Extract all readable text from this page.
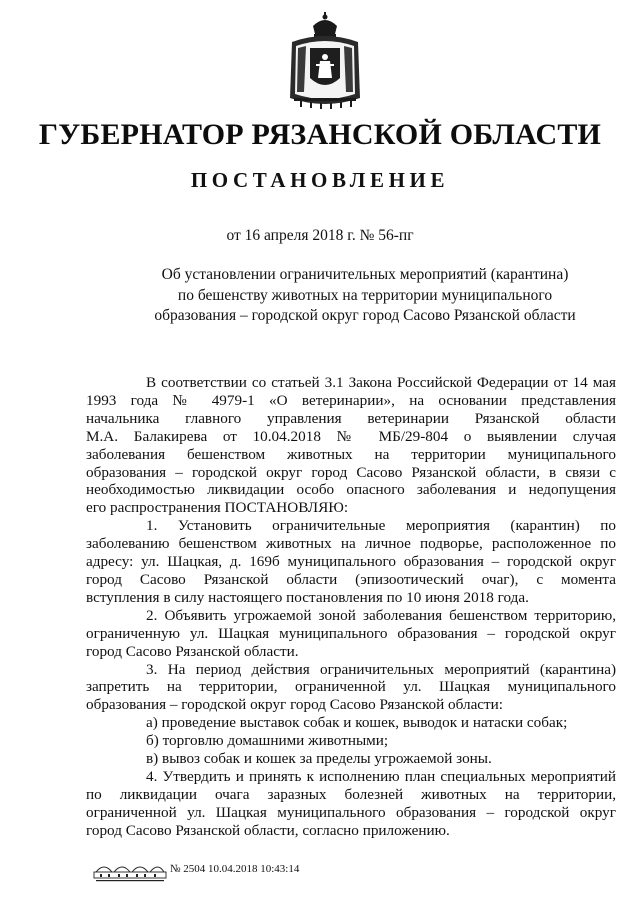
ГУБЕРНАТОР РЯЗАНСКОЙ ОБЛАСТИ
ПОСТАНОВЛЕНИЕ
от 16 апреля 2018 г. № 56-пг
Об установлении ограничительных мероприятий (карантина)
по бешенству животных на территории муниципального
образования – городской округ город Сасово Рязанской области
В соответствии со статьей 3.1 Закона Российской Федерации от 14 мая
1993 года № 4979-1 «О ветеринарии», на основании представления
начальника главного управления ветеринарии Рязанской области
М.А. Балакирева от 10.04.2018 № МБ/29-804 о выявлении случая
заболевания бешенством животных на территории муниципального
образования – городской округ город Сасово Рязанской области, в связи с
необходимостью ликвидации особо опасного заболевания и недопущения
его распространения ПОСТАНОВЛЯЮ:
1. Установить ограничительные мероприятия (карантин) по
заболеванию бешенством животных на личное подворье, расположенное по
адресу: ул. Шацкая, д. 169б муниципального образования – городской округ
город Сасово Рязанской области (эпизоотический очаг), с момента
вступления в силу настоящего постановления по 10 июня 2018 года.
2. Объявить угрожаемой зоной заболевания бешенством территорию,
ограниченную ул. Шацкая муниципального образования – городской округ
город Сасово Рязанской области.
3. На период действия ограничительных мероприятий (карантина)
запретить на территории, ограниченной ул. Шацкая муниципального
образования – городской округ город Сасово Рязанской области:
а) проведение выставок собак и кошек, выводок и натаски собак;
б) торговлю домашними животными;
в) вывоз собак и кошек за пределы угрожаемой зоны.
4. Утвердить и принять к исполнению план специальных мероприятий
по ликвидации очага заразных болезней животных на территории,
ограниченной ул. Шацкая муниципального образования – городской округ
город Сасово Рязанской области, согласно приложению.
№ 2504 10.04.2018 10:43:14
